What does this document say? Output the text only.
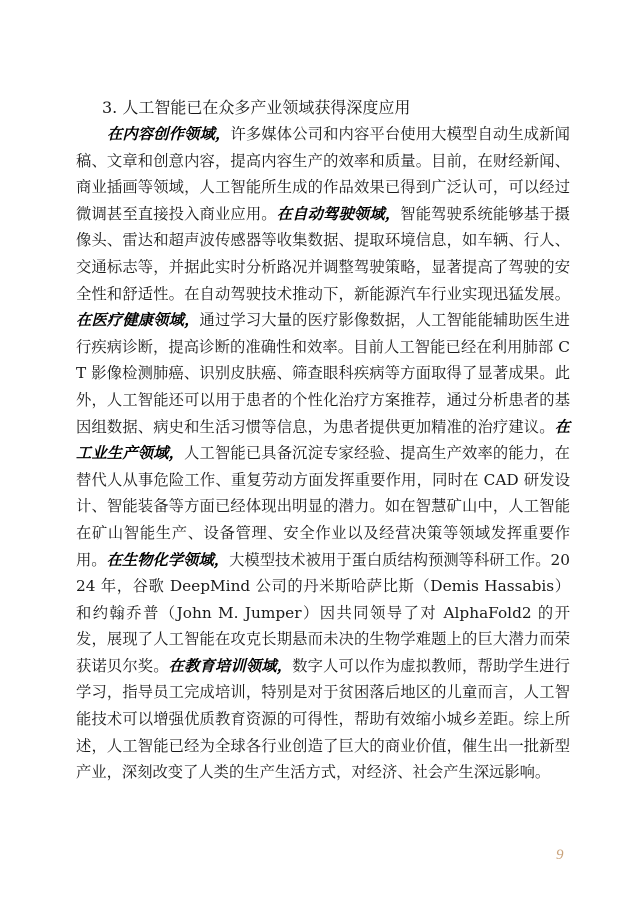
3. 人工智能已在众多产业领域获得深度应用

在内容创作领域，许多媒体公司和内容平台使用大模型自动生成新闻稿、文章和创意内容，提高内容生产的效率和质量。目前，在财经新闻、商业插画等领域，人工智能所生成的作品效果已得到广泛认可，可以经过微调甚至直接投入商业应用。在自动驾驶领域，智能驾驶系统能够基于摄像头、雷达和超声波传感器等收集数据、提取环境信息，如车辆、行人、交通标志等，并据此实时分析路况并调整驾驶策略，显著提高了驾驶的安全性和舒适性。在自动驾驶技术推动下，新能源汽车行业实现迅猛发展。在医疗健康领域，通过学习大量的医疗影像数据，人工智能能辅助医生进行疾病诊断，提高诊断的准确性和效率。目前人工智能已经在利用肺部 CT 影像检测肺癌、识别皮肤癌、筛查眼科疾病等方面取得了显著成果。此外，人工智能还可以用于患者的个性化治疗方案推荐，通过分析患者的基因组数据、病史和生活习惯等信息，为患者提供更加精准的治疗建议。在工业生产领域，人工智能已具备沉淀专家经验、提高生产效率的能力，在替代人从事危险工作、重复劳动方面发挥重要作用，同时在 CAD 研发设计、智能装备等方面已经体现出明显的潜力。如在智慧矿山中，人工智能在矿山智能生产、设备管理、安全作业以及经营决策等领域发挥重要作用。在生物化学领域，大模型技术被用于蛋白质结构预测等科研工作。2024 年，谷歌 DeepMind 公司的丹米斯哈萨比斯（Demis Hassabis）和约翰乔普（John M. Jumper）因共同领导了对 AlphaFold2 的开发，展现了人工智能在攻克长期悬而未决的生物学难题上的巨大潜力而荣获诺贝尔奖。在教育培训领域，数字人可以作为虚拟教师，帮助学生进行学习，指导员工完成培训，特别是对于贫困落后地区的儿童而言，人工智能技术可以增强优质教育资源的可得性，帮助有效缩小城乡差距。综上所述，人工智能已经为全球各行业创造了巨大的商业价值，催生出一批新型产业，深刻改变了人类的生产生活方式，对经济、社会产生深远影响。

9
